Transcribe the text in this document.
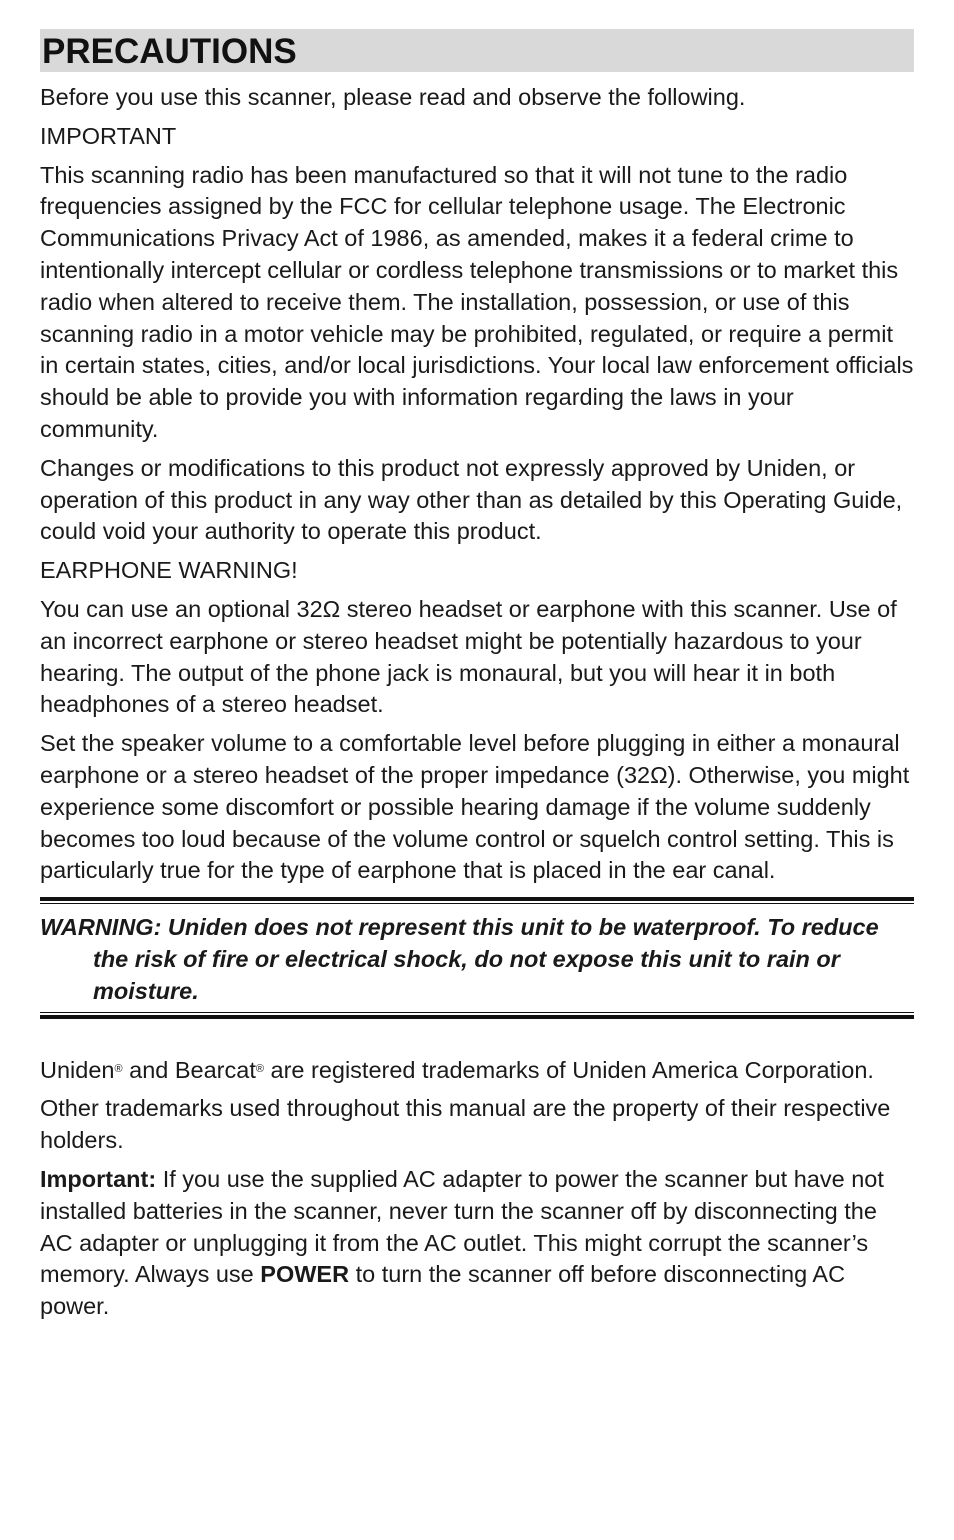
PRECAUTIONS

Before you use this scanner, please read and observe the following.

IMPORTANT

This scanning radio has been manufactured so that it will not tune to the radio frequencies assigned by the FCC for cellular telephone usage. The Electronic Communications Privacy Act of 1986, as amended, makes it a federal crime to intentionally intercept cellular or cordless telephone transmissions or to market this radio when altered to receive them. The installation, possession, or use of this scanning radio in a motor vehicle may be prohibited, regulated, or require a permit in certain states, cities, and/or local jurisdictions. Your local law enforcement officials should be able to provide you with information regarding the laws in your community.

Changes or modifications to this product not expressly approved by Uniden, or operation of this product in any way other than as detailed by this Operating Guide, could void your authority to operate this product.

EARPHONE WARNING!

You can use an optional 32Ω stereo headset or earphone with this scanner. Use of an incorrect earphone or stereo headset might be potentially hazardous to your hearing. The output of the phone jack is monaural, but you will hear it in both headphones of a stereo headset.

Set the speaker volume to a comfortable level before plugging in either a monaural earphone or a stereo headset of the proper impedance (32Ω). Otherwise, you might experience some discomfort or possible hearing damage if the volume suddenly becomes too loud because of the volume control or squelch control setting. This is particularly true for the type of earphone that is placed in the ear canal.

WARNING: Uniden does not represent this unit to be waterproof. To reduce the risk of fire or electrical shock, do not expose this unit to rain or moisture.

Uniden® and Bearcat® are registered trademarks of Uniden America Corporation.

Other trademarks used throughout this manual are the property of their respective holders.

Important: If you use the supplied AC adapter to power the scanner but have not installed batteries in the scanner, never turn the scanner off by disconnecting the AC adapter or unplugging it from the AC outlet. This might corrupt the scanner’s memory. Always use POWER to turn the scanner off before disconnecting AC power.
